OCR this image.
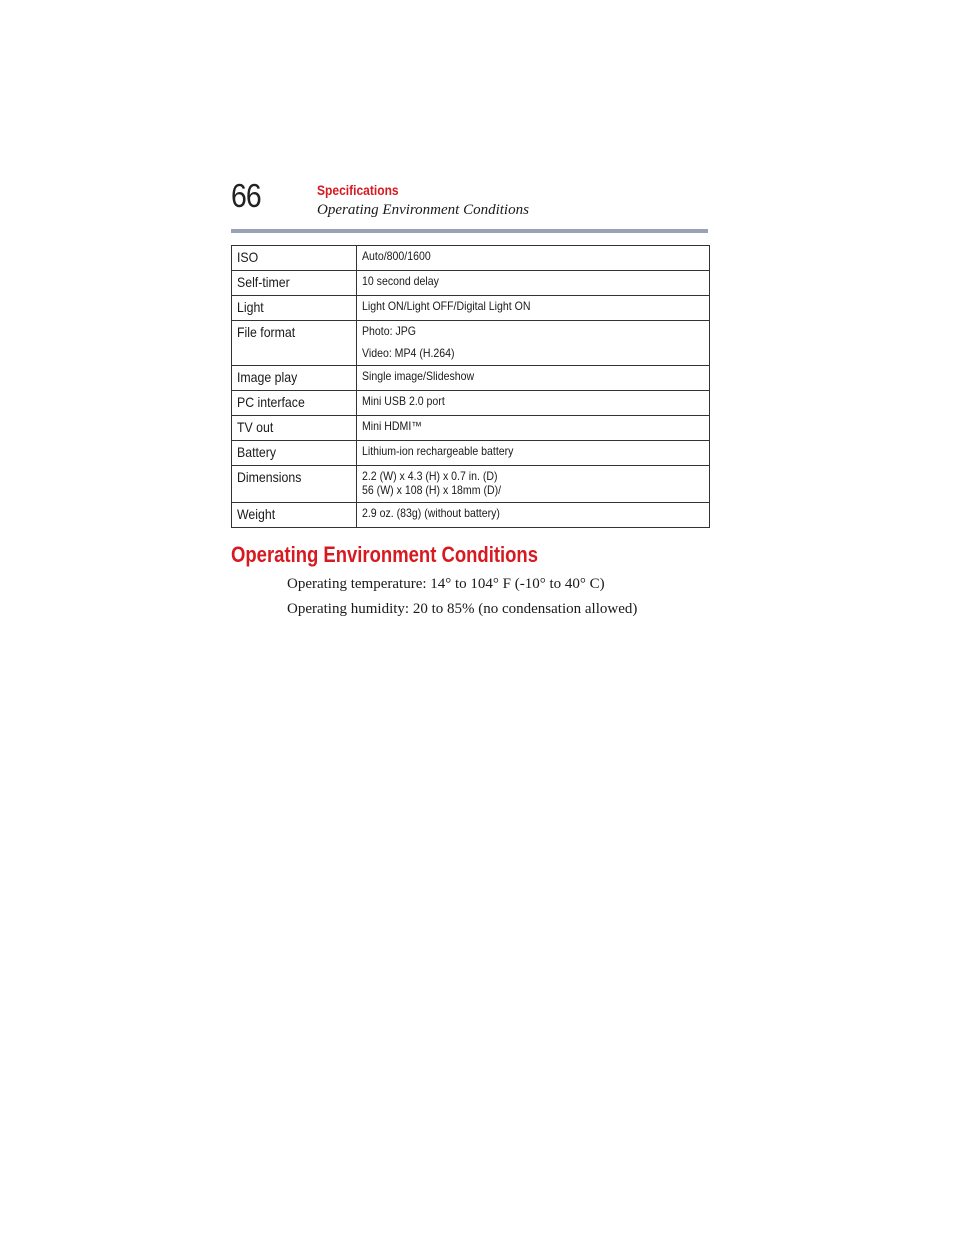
66	Specifications
Operating Environment Conditions
ISO	Auto/800/1600
Self-timer	10 second delay
Light	Light ON/Light OFF/Digital Light ON
File format	Photo: JPG
Video: MP4 (H.264)

Image play	Single image/Slideshow
PC interface	Mini USB 2.0 port
TV out	Mini HDMI™
Battery	Lithium-ion rechargeable battery
Dimensions	2.2 (W) x 4.3 (H) x 0.7 in. (D)
56 (W) x 108 (H) x 18mm (D)/

Weight	2.9 oz. (83g) (without battery)
Operating Environment Conditions
Operating temperature: 14° to 104° F (-10° to 40° C)
Operating humidity: 20 to 85% (no condensation allowed)
